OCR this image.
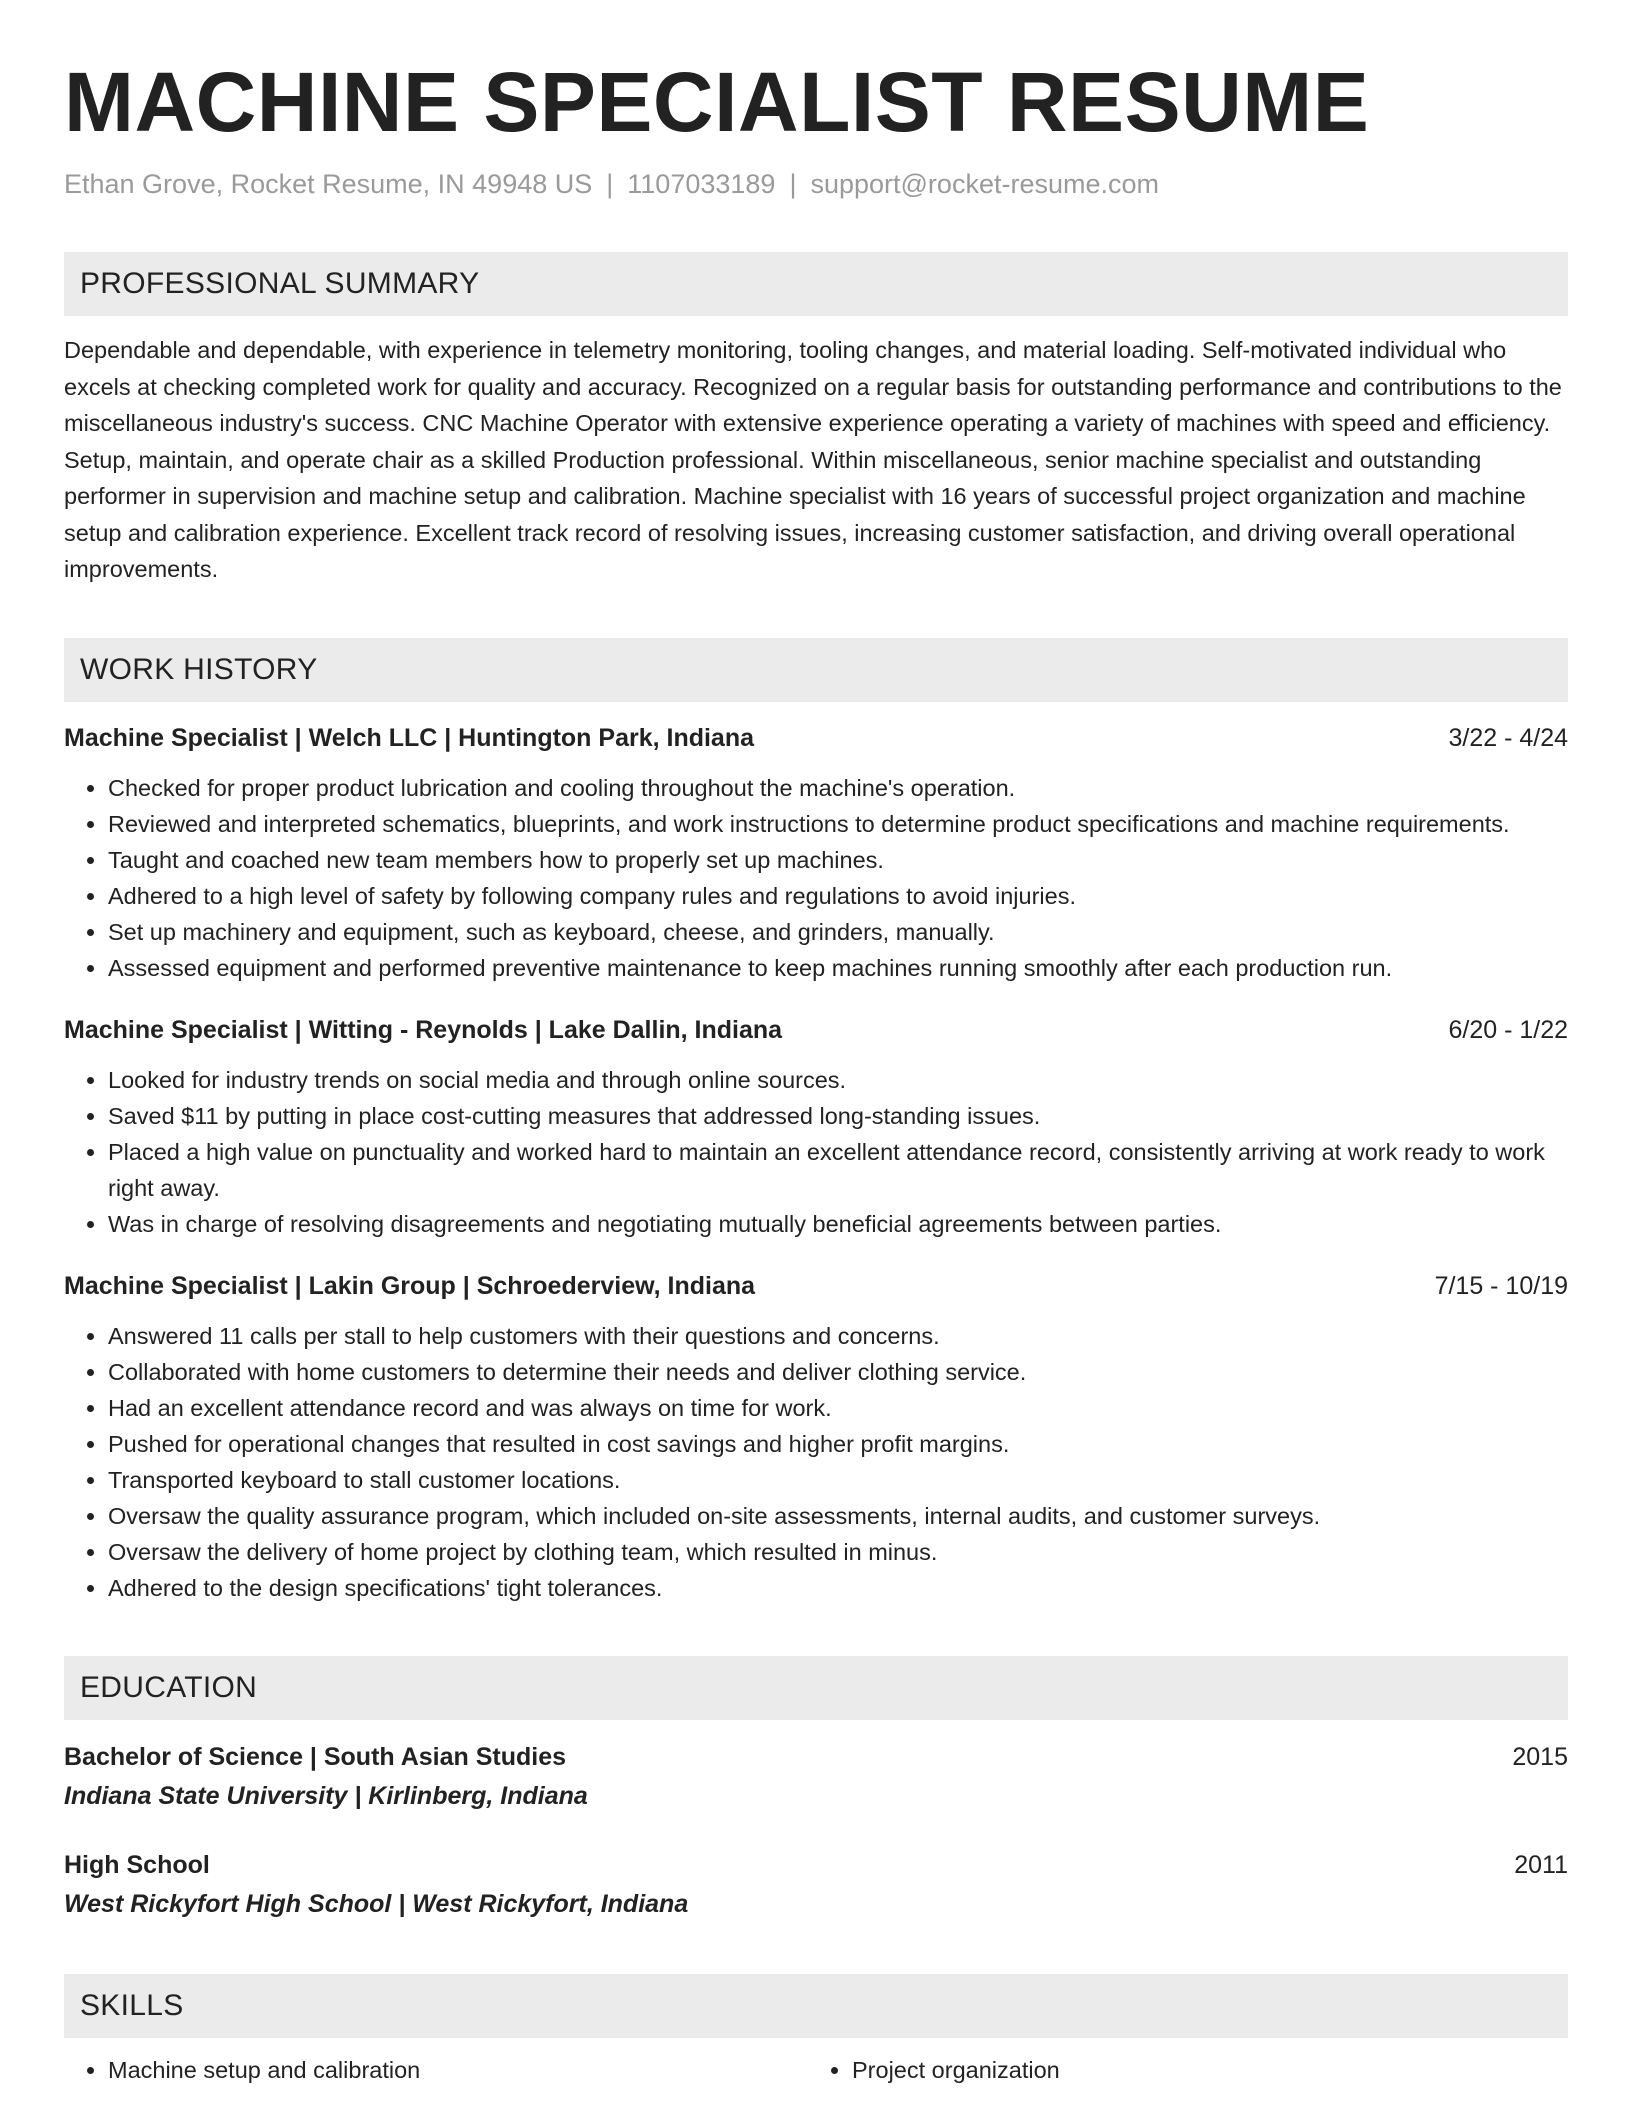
MACHINE SPECIALIST RESUME
Ethan Grove, Rocket Resume, IN 49948 US | 1107033189 | support@rocket-resume.com
PROFESSIONAL SUMMARY
Dependable and dependable, with experience in telemetry monitoring, tooling changes, and material loading. Self-motivated individual who excels at checking completed work for quality and accuracy. Recognized on a regular basis for outstanding performance and contributions to the miscellaneous industry's success. CNC Machine Operator with extensive experience operating a variety of machines with speed and efficiency. Setup, maintain, and operate chair as a skilled Production professional. Within miscellaneous, senior machine specialist and outstanding performer in supervision and machine setup and calibration. Machine specialist with 16 years of successful project organization and machine setup and calibration experience. Excellent track record of resolving issues, increasing customer satisfaction, and driving overall operational improvements.
WORK HISTORY
Machine Specialist | Welch LLC | Huntington Park, Indiana	3/22 - 4/24
• Checked for proper product lubrication and cooling throughout the machine's operation.
• Reviewed and interpreted schematics, blueprints, and work instructions to determine product specifications and machine requirements.
• Taught and coached new team members how to properly set up machines.
• Adhered to a high level of safety by following company rules and regulations to avoid injuries.
• Set up machinery and equipment, such as keyboard, cheese, and grinders, manually.
• Assessed equipment and performed preventive maintenance to keep machines running smoothly after each production run.
Machine Specialist | Witting - Reynolds | Lake Dallin, Indiana	6/20 - 1/22
• Looked for industry trends on social media and through online sources.
• Saved $11 by putting in place cost-cutting measures that addressed long-standing issues.
• Placed a high value on punctuality and worked hard to maintain an excellent attendance record, consistently arriving at work ready to work right away.
• Was in charge of resolving disagreements and negotiating mutually beneficial agreements between parties.
Machine Specialist | Lakin Group | Schroederview, Indiana	7/15 - 10/19
• Answered 11 calls per stall to help customers with their questions and concerns.
• Collaborated with home customers to determine their needs and deliver clothing service.
• Had an excellent attendance record and was always on time for work.
• Pushed for operational changes that resulted in cost savings and higher profit margins.
• Transported keyboard to stall customer locations.
• Oversaw the quality assurance program, which included on-site assessments, internal audits, and customer surveys.
• Oversaw the delivery of home project by clothing team, which resulted in minus.
• Adhered to the design specifications' tight tolerances.
EDUCATION
Bachelor of Science | South Asian Studies	2015
Indiana State University | Kirlinberg, Indiana
High School	2011
West Rickyfort High School | West Rickyfort, Indiana
SKILLS
• Machine setup and calibration
•	Project organization
